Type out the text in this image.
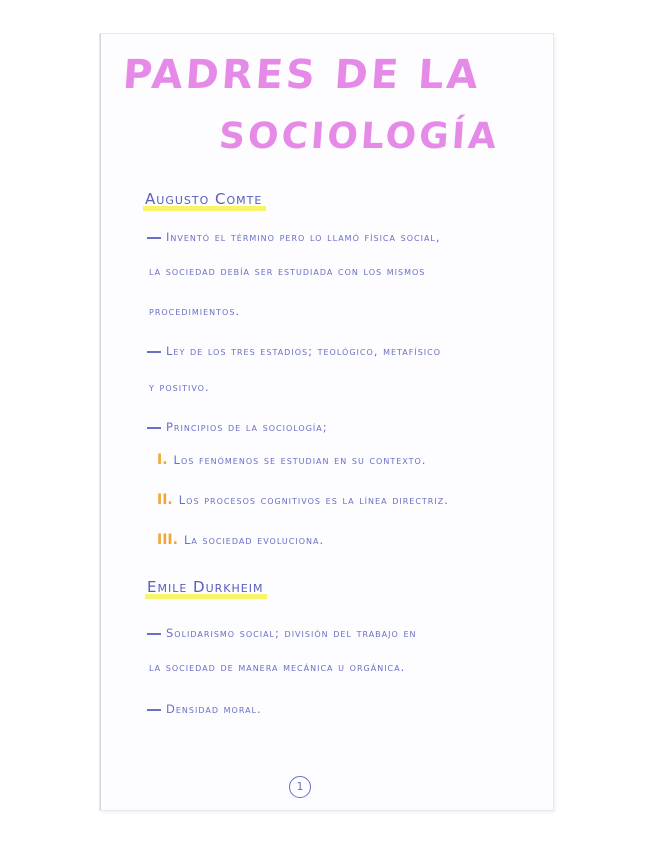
PADRES DE LA
SOCIOLOGÍA
Augusto Comte
Inventó el término pero lo llamó física social,
la sociedad debía ser estudiada con los mismos
procedimientos.
Ley de los tres estadios; teológico, metafísico
y positivo.
Principios de la sociología;
I. Los fenómenos se estudian en su contexto.
II. Los procesos cognitivos es la línea directriz.
III. La sociedad evoluciona.
Emile Durkheim
Solidarismo social; división del trabajo en
la sociedad de manera mecánica u orgánica.
Densidad moral.
1
